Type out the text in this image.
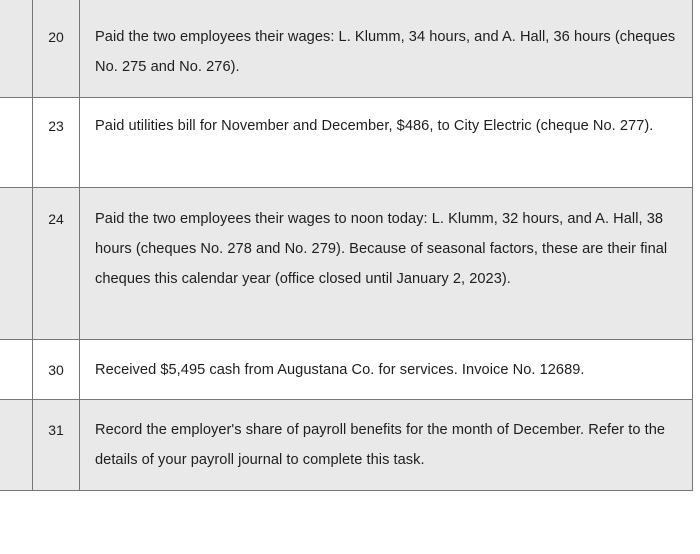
20	Paid the two employees their wages: L. Klumm, 34 hours, and A. Hall, 36 hours (cheques No. 275 and No. 276).
23	Paid utilities bill for November and December, $486, to City Electric (cheque No. 277).
24	Paid the two employees their wages to noon today: L. Klumm, 32 hours, and A. Hall, 38 hours (cheques No. 278 and No. 279). Because of seasonal factors, these are their final cheques this calendar year (office closed until January 2, 2023).
30	Received $5,495 cash from Augustana Co. for services. Invoice No. 12689.
31	Record the employer's share of payroll benefits for the month of December. Refer to the details of your payroll journal to complete this task.
